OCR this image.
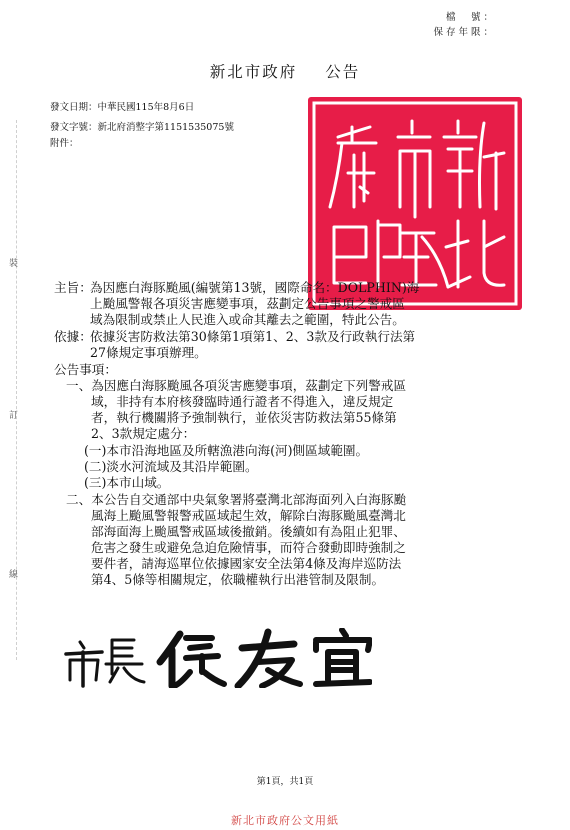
檔　號：
保存年限：
新北市政府 公告
發文日期：中華民國115年8月6日
發文字號：新北府消整字第1151535075號
附件：
裝
訂
線
主旨：
為因應白海豚颱風(編號第13號，國際命名：DOLPHIN)海
上颱風警報各項災害應變事項，茲劃定公告事項之警戒區
域為限制或禁止人民進入或命其離去之範圍，特此公告。
依據：
依據災害防救法第30條第1項第1、2、3款及行政執行法第
27條規定事項辦理。
公告事項：
一、為因應白海豚颱風各項災害應變事項，茲劃定下列警戒區
域，非持有本府核發臨時通行證者不得進入，違反規定
者，執行機關將予強制執行，並依災害防救法第55條第
2、3款規定處分：
(一)本市沿海地區及所轄漁港向海(河)側區域範圍。
(二)淡水河流域及其沿岸範圍。
(三)本市山域。
二、本公告自交通部中央氣象署將臺灣北部海面列入白海豚颱
風海上颱風警報警戒區域起生效，解除白海豚颱風臺灣北
部海面海上颱風警戒區域後撤銷。後續如有為阻止犯罪、
危害之發生或避免急迫危險情事，而符合發動即時強制之
要件者，請海巡單位依據國家安全法第4條及海岸巡防法
第4、5條等相關規定，依職權執行出港管制及限制。
第1頁，共1頁
新北市政府公文用紙
